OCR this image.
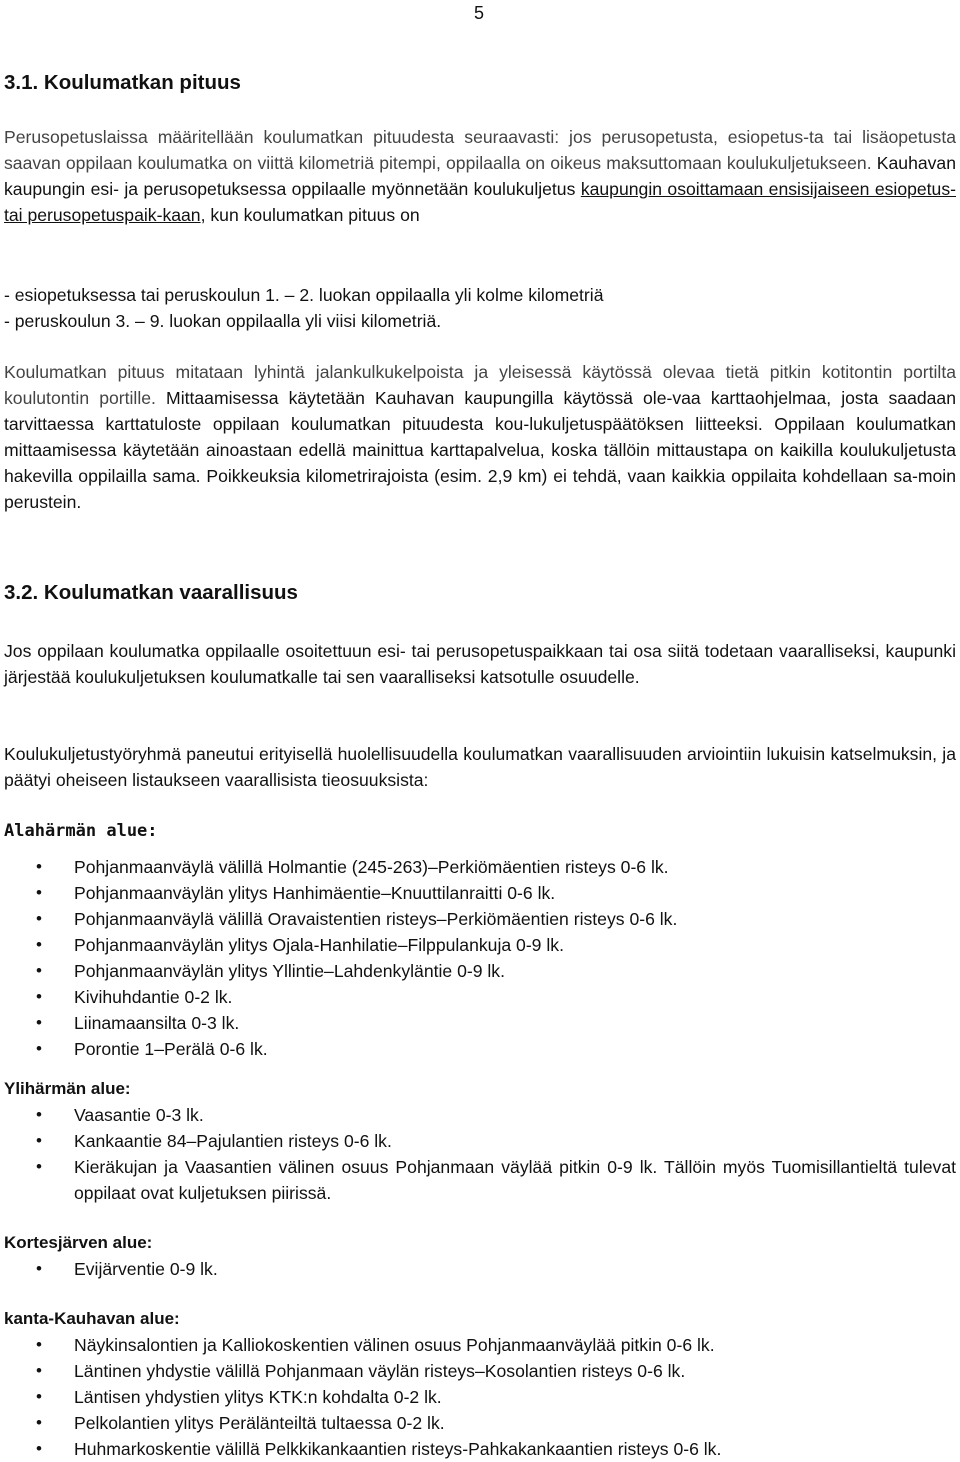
5
3.1. Koulumatkan pituus

Perusopetuslaissa määritellään koulumatkan pituudesta seuraavasti: jos perusopetusta, esiopetus-ta tai lisäopetusta saavan oppilaan koulumatka on viittä kilometriä pitempi, oppilaalla on oikeus maksuttomaan koulukuljetukseen. Kauhavan kaupungin esi- ja perusopetuksessa oppilaalle myönnetään koulukuljetus kaupungin osoittamaan ensisijaiseen esiopetus- tai perusopetuspaik-kaan, kun koulumatkan pituus on

- esiopetuksessa tai peruskoulun 1. – 2. luokan oppilaalla yli kolme kilometriä
- peruskoulun 3. – 9. luokan oppilaalla yli viisi kilometriä.

Koulumatkan pituus mitataan lyhintä jalankulkukelpoista ja yleisessä käytössä olevaa tietä pitkin kotitontin portilta koulutontin portille. Mittaamisessa käytetään Kauhavan kaupungilla käytössä ole-vaa karttaohjelmaa, josta saadaan tarvittaessa karttatuloste oppilaan koulumatkan pituudesta kou-lukuljetuspäätöksen liitteeksi. Oppilaan koulumatkan mittaamisessa käytetään ainoastaan edellä mainittua karttapalvelua, koska tällöin mittaustapa on kaikilla koulukuljetusta hakevilla oppilailla sama. Poikkeuksia kilometrirajoista (esim. 2,9 km) ei tehdä, vaan kaikkia oppilaita kohdellaan sa-moin perustein.

3.2. Koulumatkan vaarallisuus

Jos oppilaan koulumatka oppilaalle osoitettuun esi- tai perusopetuspaikkaan tai osa siitä todetaan vaaralliseksi, kaupunki järjestää koulukuljetuksen koulumatkalle tai sen vaaralliseksi katsotulle osuudelle.

Koulukuljetustyöryhmä paneutui erityisellä huolellisuudella koulumatkan vaarallisuuden arviointiin lukuisin katselmuksin, ja päätyi oheiseen listaukseen vaarallisista tieosuuksista:

Alahärmän alue:
• Pohjanmaanväylä välillä Holmantie (245-263)–Perkiömäentien risteys 0-6 lk.
• Pohjanmaanväylän ylitys Hanhimäentie–Knuuttilanraitti 0-6 lk.
• Pohjanmaanväylä välillä Oravaistentien risteys–Perkiömäentien risteys 0-6 lk.
• Pohjanmaanväylän ylitys Ojala-Hanhilatie–Filppulankuja 0-9 lk.
• Pohjanmaanväylän ylitys Yllintie–Lahdenkyläntie 0-9 lk.
• Kivihuhdantie 0-2 lk.
• Liinamaansilta 0-3 lk.
• Porontie 1–Perälä 0-6 lk.
Ylihärmän alue:
• Vaasantie 0-3 lk.
• Kankaantie 84–Pajulantien risteys 0-6 lk.
• Kieräkujan ja Vaasantien välinen osuus Pohjanmaan väylää pitkin 0-9 lk. Tällöin myös Tuomisillantieltä tulevat oppilaat ovat kuljetuksen piirissä.
Kortesjärven alue:
• Evijärventie 0-9 lk.
kanta-Kauhavan alue:
• Näykinsalontien ja Kalliokoskentien välinen osuus Pohjanmaanväylää pitkin 0-6 lk.
• Läntinen yhdystie välillä Pohjanmaan väylän risteys–Kosolantien risteys 0-6 lk.
• Läntisen yhdystien ylitys KTK:n kohdalta 0-2 lk.
• Pelkolantien ylitys Perälänteiltä tultaessa 0-2 lk.
• Huhmarkoskentie välillä Pelkkikankaantien risteys-Pahkakankaantien risteys 0-6 lk.
